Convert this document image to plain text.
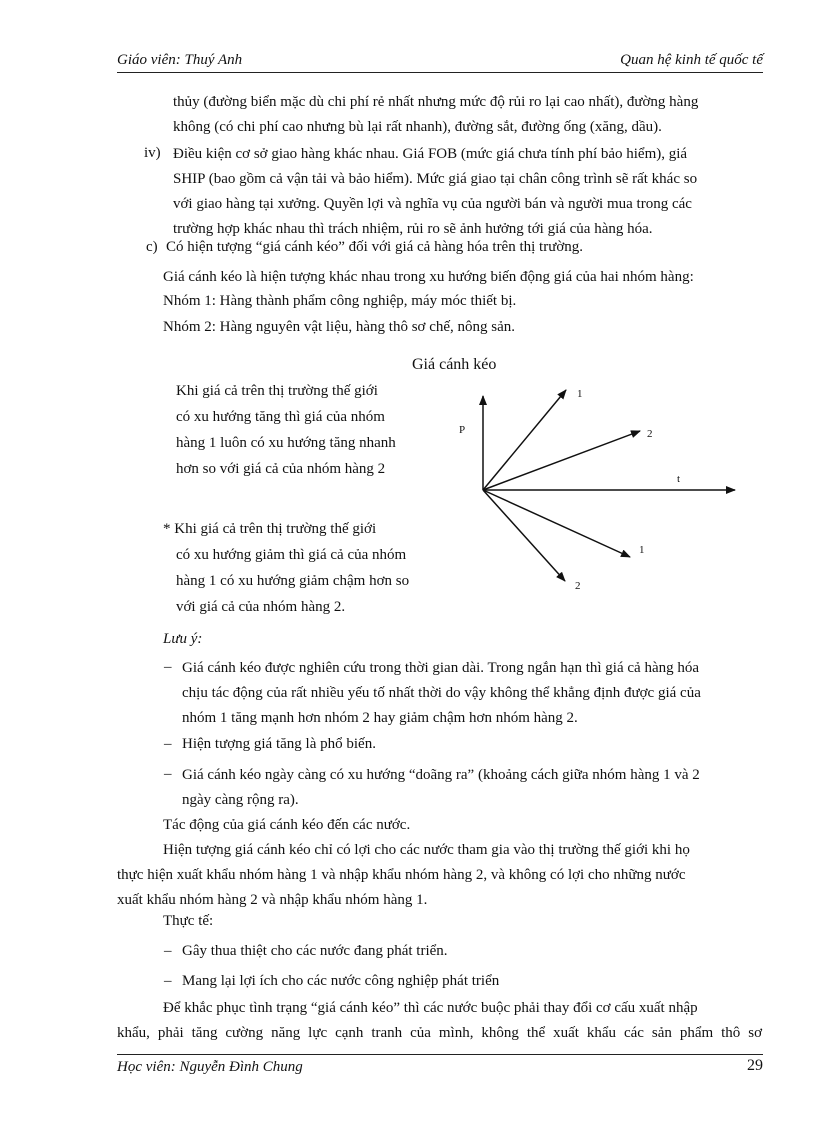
Giáo viên: Thuý Anh	Quan hệ kinh tế quốc tế
thủy (đường biển mặc dù chi phí rẻ nhất nhưng mức độ rủi ro lại cao nhất), đường hàng
không (có chi phí cao nhưng bù lại rất nhanh), đường sắt, đường ống (xăng, dầu).
iv) Điều kiện cơ sở giao hàng khác nhau. Giá FOB (mức giá chưa tính phí bảo hiểm), giá
SHIP (bao gồm cả vận tải và bảo hiểm). Mức giá giao tại chân công trình sẽ rất khác so
với giao hàng tại xưởng. Quyền lợi và nghĩa vụ của người bán và người mua trong các
trường hợp khác nhau thì trách nhiệm, rủi ro sẽ ảnh hưởng tới giá của hàng hóa.
c) Có hiện tượng “giá cánh kéo” đối với giá cả hàng hóa trên thị trường.
Giá cánh kéo là hiện tượng khác nhau trong xu hướng biến động giá của hai nhóm hàng:
Nhóm 1: Hàng thành phẩm công nghiệp, máy móc thiết bị.
Nhóm 2: Hàng nguyên vật liệu, hàng thô sơ chế, nông sản.
Giá cánh kéo
Khi giá cả trên thị trường thế giới
có xu hướng tăng thì giá của nhóm
hàng 1 luôn có xu hướng tăng nhanh
hơn so với giá cả của nhóm hàng 2
* Khi giá cả trên thị trường thế giới
có xu hướng giảm thì giá cả của nhóm
hàng 1 có xu hướng giảm chậm hơn so
với giá cả của nhóm hàng 2.
P
t
1
2
1
2
Lưu ý:
– Giá cánh kéo được nghiên cứu trong thời gian dài. Trong ngắn hạn thì giá cả hàng hóa
chịu tác động của rất nhiều yếu tố nhất thời do vậy không thể khẳng định được giá của
nhóm 1 tăng mạnh hơn nhóm 2 hay giảm chậm hơn nhóm hàng 2.
– Hiện tượng giá tăng là phổ biến.
– Giá cánh kéo ngày càng có xu hướng “doãng ra” (khoảng cách giữa nhóm hàng 1 và 2
ngày càng rộng ra).
Tác động của giá cánh kéo đến các nước.
Hiện tượng giá cánh kéo chỉ có lợi cho các nước tham gia vào thị trường thế giới khi họ
thực hiện xuất khẩu nhóm hàng 1 và nhập khẩu nhóm hàng 2, và không có lợi cho những nước
xuất khẩu nhóm hàng 2 và nhập khẩu nhóm hàng 1.
Thực tế:
– Gây thua thiệt cho các nước đang phát triển.
– Mang lại lợi ích cho các nước công nghiệp phát triển
Để khắc phục tình trạng “giá cánh kéo” thì các nước buộc phải thay đổi cơ cấu xuất nhập
khẩu, phải tăng cường năng lực cạnh tranh của mình, không thể xuất khẩu các sản phẩm thô sơ
Học viên: Nguyễn Đình Chung	29
